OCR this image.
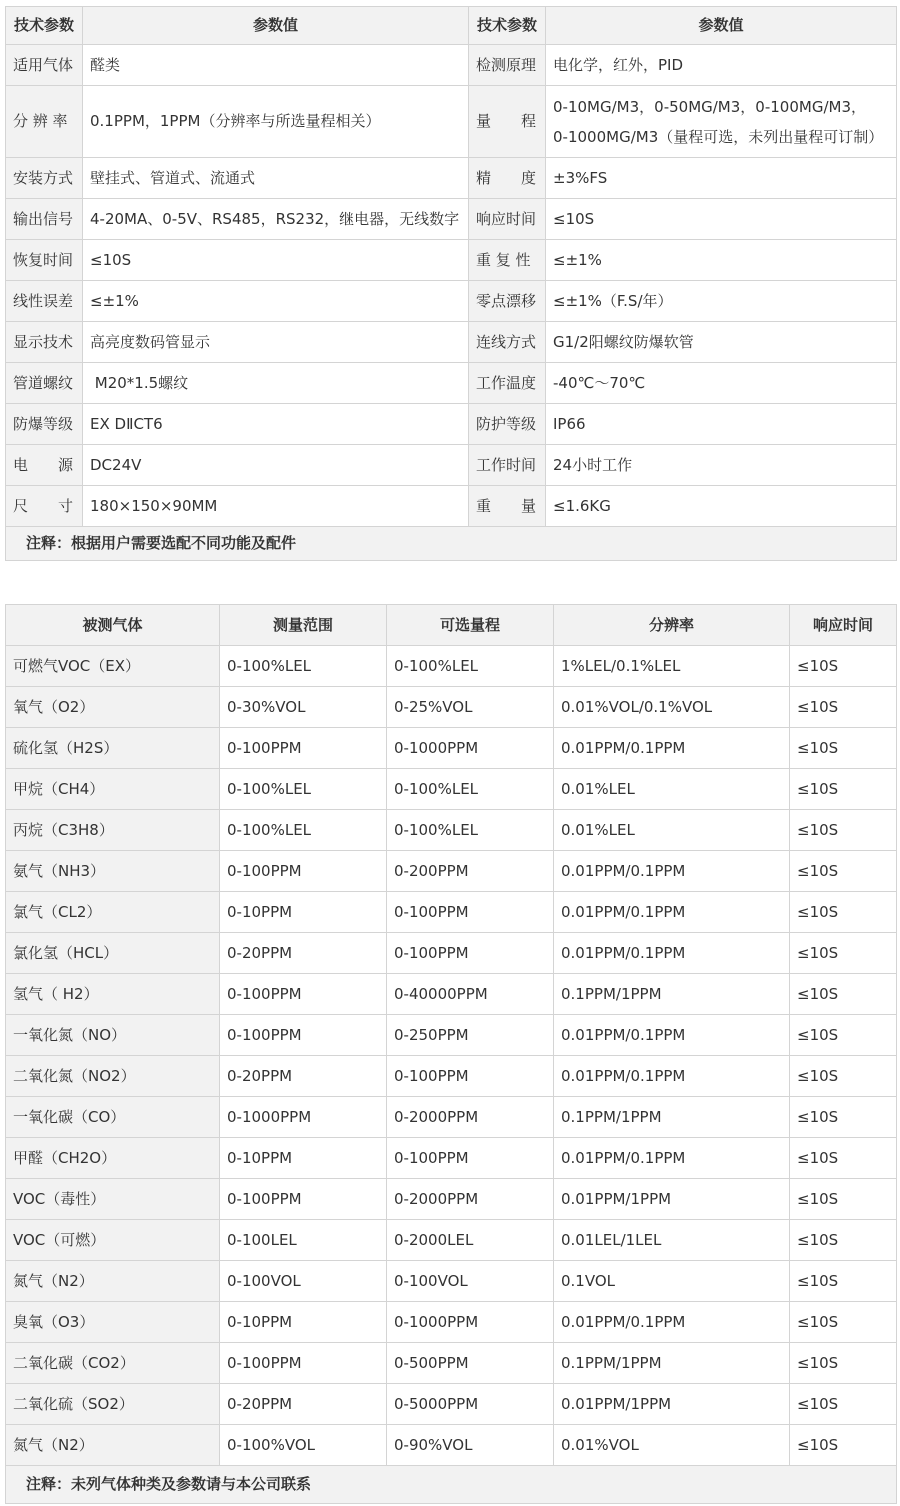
技术参数	参数值	技术参数	参数值
适用气体	醛类	检测原理	电化学，红外，PID
分 辨 率	0.1PPM，1PPM（分辨率与所选量程相关）	量　　程	0-10MG/M3，0-50MG/M3，0-100MG/M3，
0-1000MG/M3（量程可选，未列出量程可订制）

安装方式	壁挂式、管道式、流通式	精　　度	±3%FS
输出信号	4-20MA、0-5V、RS485，RS232，继电器，无线数字	响应时间	≤10S
恢复时间	≤10S	重 复 性	≤±1%
线性误差	≤±1%	零点漂移	≤±1%（F.S/年）
显示技术	高亮度数码管显示	连线方式	G1/2阳螺纹防爆软管
管道螺纹	M20*1.5螺纹	工作温度	-40℃～70℃
防爆等级	EX DⅡCT6	防护等级	IP66
电　　源	DC24V	工作时间	24小时工作
尺　　寸	180×150×90MM	重　　量	≤1.6KG
注释：根据用户需要选配不同功能及配件			
被测气体	测量范围	可选量程	分辨率	响应时间
可燃气VOC（EX）	0-100%LEL	0-100%LEL	1%LEL/0.1%LEL	≤10S
氧气（O2）	0-30%VOL	0-25%VOL	0.01%VOL/0.1%VOL	≤10S
硫化氢（H2S）	0-100PPM	0-1000PPM	0.01PPM/0.1PPM	≤10S
甲烷（CH4）	0-100%LEL	0-100%LEL	0.01%LEL	≤10S
丙烷（C3H8）	0-100%LEL	0-100%LEL	0.01%LEL	≤10S
氨气（NH3）	0-100PPM	0-200PPM	0.01PPM/0.1PPM	≤10S
氯气（CL2）	0-10PPM	0-100PPM	0.01PPM/0.1PPM	≤10S
氯化氢（HCL）	0-20PPM	0-100PPM	0.01PPM/0.1PPM	≤10S
氢气（ H2）	0-100PPM	0-40000PPM	0.1PPM/1PPM	≤10S
一氧化氮（NO）	0-100PPM	0-250PPM	0.01PPM/0.1PPM	≤10S
二氧化氮（NO2）	0-20PPM	0-100PPM	0.01PPM/0.1PPM	≤10S
一氧化碳（CO）	0-1000PPM	0-2000PPM	0.1PPM/1PPM	≤10S
甲醛（CH2O）	0-10PPM	0-100PPM	0.01PPM/0.1PPM	≤10S
VOC（毒性）	0-100PPM	0-2000PPM	0.01PPM/1PPM	≤10S
VOC（可燃）	0-100LEL	0-2000LEL	0.01LEL/1LEL	≤10S
氮气（N2）	0-100VOL	0-100VOL	0.1VOL	≤10S
臭氧（O3）	0-10PPM	0-1000PPM	0.01PPM/0.1PPM	≤10S
二氧化碳（CO2）	0-100PPM	0-500PPM	0.1PPM/1PPM	≤10S
二氧化硫（SO2）	0-20PPM	0-5000PPM	0.01PPM/1PPM	≤10S
氮气（N2）	0-100%VOL	0-90%VOL	0.01%VOL	≤10S
注释：未列气体种类及参数请与本公司联系				
